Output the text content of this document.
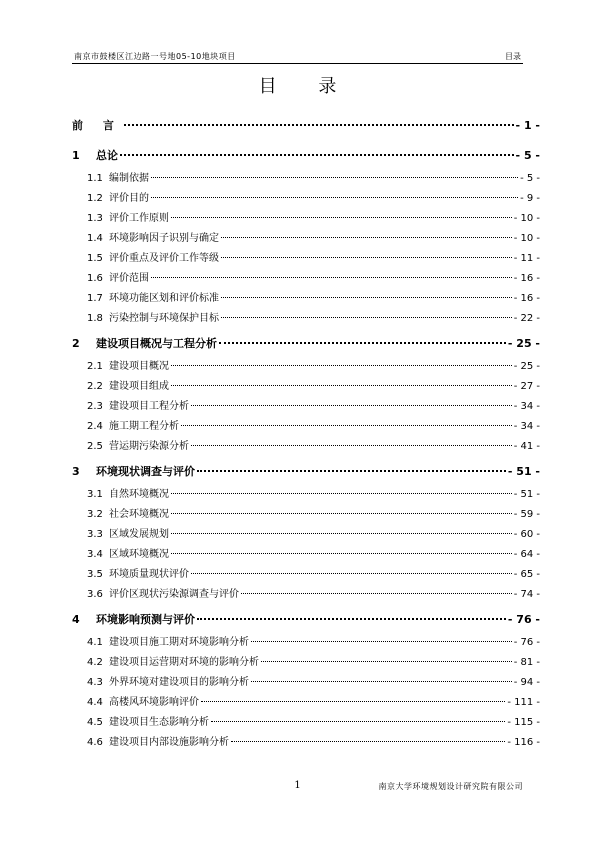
南京市鼓楼区江边路一号地05-10地块项目	目录
目 录
前 言	- 1 -
1	总论	- 5 -
1.1 编制依据	- 5 -
1.2 评价目的	- 9 -
1.3 评价工作原则	- 10 -
1.4 环境影响因子识别与确定	- 10 -
1.5 评价重点及评价工作等级	- 11 -
1.6 评价范围	- 16 -
1.7 环境功能区划和评价标准	- 16 -
1.8 污染控制与环境保护目标	- 22 -
2	建设项目概况与工程分析	- 25 -
2.1 建设项目概况	- 25 -
2.2 建设项目组成	- 27 -
2.3 建设项目工程分析	- 34 -
2.4 施工期工程分析	- 34 -
2.5 营运期污染源分析	- 41 -
3	环境现状调查与评价	- 51 -
3.1 自然环境概况	- 51 -
3.2 社会环境概况	- 59 -
3.3 区域发展规划	- 60 -
3.4 区域环境概况	- 64 -
3.5 环境质量现状评价	- 65 -
3.6 评价区现状污染源调查与评价	- 74 -
4	环境影响预测与评价	- 76 -
4.1 建设项目施工期对环境影响分析	- 76 -
4.2 建设项目运营期对环境的影响分析	- 81 -
4.3 外界环境对建设项目的影响分析	- 94 -
4.4 高楼风环境影响评价	- 111 -
4.5 建设项目生态影响分析	- 115 -
4.6 建设项目内部设施影响分析	- 116 -
1	南京大学环境规划设计研究院有限公司
